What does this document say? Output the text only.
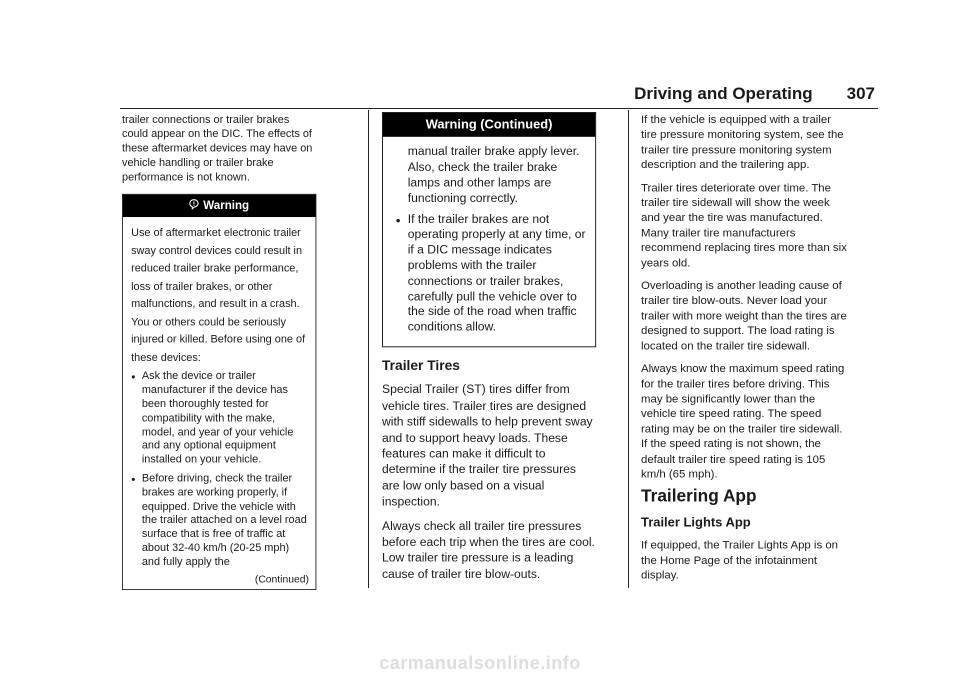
Driving and Operating 307

trailer connections or trailer brakes could appear on the DIC. The effects of these aftermarket devices may have on vehicle handling or trailer brake performance is not known.

Warning

Use of aftermarket electronic trailer sway control devices could result in reduced trailer brake performance, loss of trailer brakes, or other malfunctions, and result in a crash. You or others could be seriously injured or killed. Before using one of these devices:

● Ask the device or trailer manufacturer if the device has been thoroughly tested for compatibility with the make, model, and year of your vehicle and any optional equipment installed on your vehicle.
● Before driving, check the trailer brakes are working properly, if equipped. Drive the vehicle with the trailer attached on a level road surface that is free of traffic at about 32-40 km/h (20-25 mph) and fully apply the
(Continued)
Warning (Continued)
manual trailer brake apply lever. Also, check the trailer brake lamps and other lamps are functioning correctly.
● If the trailer brakes are not operating properly at any time, or if a DIC message indicates problems with the trailer connections or trailer brakes, carefully pull the vehicle over to the side of the road when traffic conditions allow.
Trailer Tires

Special Trailer (ST) tires differ from vehicle tires. Trailer tires are designed with stiff sidewalls to help prevent sway and to support heavy loads. These features can make it difficult to determine if the trailer tire pressures are low only based on a visual inspection.

Always check all trailer tire pressures before each trip when the tires are cool. Low trailer tire pressure is a leading cause of trailer tire blow-outs.

If the vehicle is equipped with a trailer tire pressure monitoring system, see the trailer tire pressure monitoring system description and the trailering app.

Trailer tires deteriorate over time. The trailer tire sidewall will show the week and year the tire was manufactured. Many trailer tire manufacturers recommend replacing tires more than six years old.

Overloading is another leading cause of trailer tire blow-outs. Never load your trailer with more weight than the tires are designed to support. The load rating is located on the trailer tire sidewall.

Always know the maximum speed rating for the trailer tires before driving. This may be significantly lower than the vehicle tire speed rating. The speed rating may be on the trailer tire sidewall. If the speed rating is not shown, the default trailer tire speed rating is 105 km/h (65 mph).

Trailering App
Trailer Lights App

If equipped, the Trailer Lights App is on the Home Page of the infotainment display.

carmanualsonline.info
